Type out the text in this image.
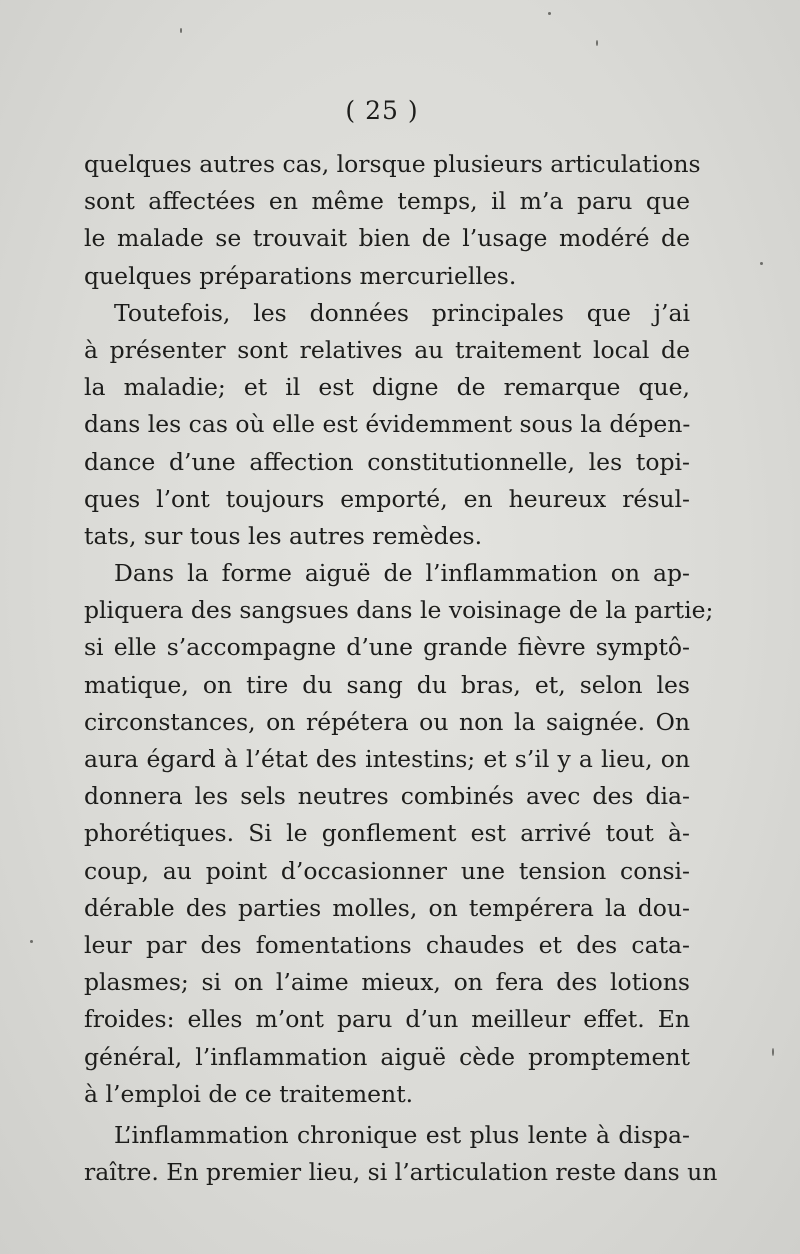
( 25 )
quelques autres cas, lorsque plusieurs articulations
sont affectées en même temps, il m’a paru que
le malade se trouvait bien de l’usage modéré de
quelques préparations mercurielles.
Toutefois, les données principales que j’ai
à présenter sont relatives au traitement local de
la maladie; et il est digne de remarque que,
dans les cas où elle est évidemment sous la dépen-
dance d’une affection constitutionnelle, les topi-
ques l’ont toujours emporté, en heureux résul-
tats, sur tous les autres remèdes.
Dans la forme aiguë de l’inflammation on ap-
pliquera des sangsues dans le voisinage de la partie;
si elle s’accompagne d’une grande fièvre symptô-
matique, on tire du sang du bras, et, selon les
circonstances, on répétera ou non la saignée. On
aura égard à l’état des intestins; et s’il y a lieu, on
donnera les sels neutres combinés avec des dia-
phorétiques. Si le gonflement est arrivé tout à-
coup, au point d’occasionner une tension consi-
dérable des parties molles, on tempérera la dou-
leur par des fomentations chaudes et des cata-
plasmes; si on l’aime mieux, on fera des lotions
froides: elles m’ont paru d’un meilleur effet. En
général, l’inflammation aiguë cède promptement
à l’emploi de ce traitement.
L’inflammation chronique est plus lente à dispa-
raître. En premier lieu, si l’articulation reste dans un
